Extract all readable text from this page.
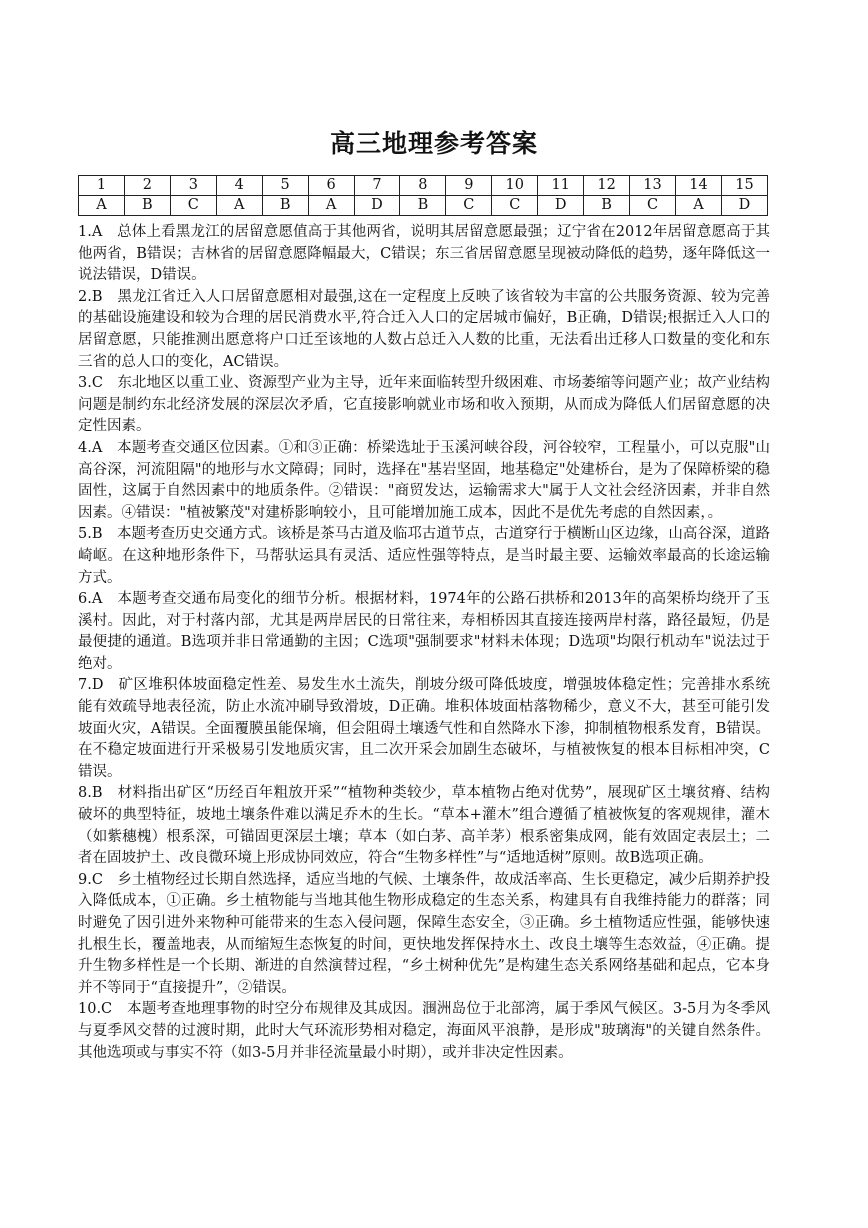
高三地理参考答案
1	2	3	4	5	6	7	8	9	10	11	12	13	14	15
A	B	C	A	B	A	D	B	C	C	D	B	C	A	D

1.A　总体上看黑龙江的居留意愿值高于其他两省，说明其居留意愿最强；辽宁省在2012年居留意愿高于其他两省，B错误；吉林省的居留意愿降幅最大，C错误；东三省居留意愿呈现被动降低的趋势，逐年降低这一说法错误，D错误。

2.B　黑龙江省迁入人口居留意愿相对最强,这在一定程度上反映了该省较为丰富的公共服务资源、较为完善的基础设施建设和较为合理的居民消费水平,符合迁入人口的定居城市偏好，B正确，D错误;根据迁入人口的居留意愿，只能推测出愿意将户口迁至该地的人数占总迁入人数的比重，无法看出迁移人口数量的变化和东三省的总人口的变化，AC错误。

3.C　东北地区以重工业、资源型产业为主导，近年来面临转型升级困难、市场萎缩等问题产业；故产业结构问题是制约东北经济发展的深层次矛盾，它直接影响就业市场和收入预期，从而成为降低人们居留意愿的决定性因素。

4.A　本题考查交通区位因素。①和③正确：桥梁选址于玉溪河峡谷段，河谷较窄，工程量小，可以克服"山高谷深，河流阻隔"的地形与水文障碍；同时，选择在"基岩坚固，地基稳定"处建桥台，是为了保障桥梁的稳固性，这属于自然因素中的地质条件。②错误："商贸发达，运输需求大"属于人文社会经济因素，并非自然因素。④错误："植被繁茂"对建桥影响较小，且可能增加施工成本，因此不是优先考虑的自然因素，。

5.B　本题考查历史交通方式。该桥是茶马古道及临邛古道节点，古道穿行于横断山区边缘，山高谷深，道路崎岖。在这种地形条件下，马帮驮运具有灵活、适应性强等特点，是当时最主要、运输效率最高的长途运输方式。

6.A　本题考查交通布局变化的细节分析。根据材料，1974年的公路石拱桥和2013年的高架桥均绕开了玉溪村。因此，对于村落内部，尤其是两岸居民的日常往来，寿相桥因其直接连接两岸村落，路径最短，仍是最便捷的通道。B选项并非日常通勤的主因；C选项"强制要求"材料未体现；D选项"均限行机动车"说法过于绝对。

7.D　矿区堆积体坡面稳定性差、易发生水土流失，削坡分级可降低坡度，增强坡体稳定性；完善排水系统能有效疏导地表径流，防止水流冲刷导致滑坡，D正确。堆积体坡面枯落物稀少，意义不大，甚至可能引发坡面火灾，A错误。全面覆膜虽能保墒，但会阻碍土壤透气性和自然降水下渗，抑制植物根系发育，B错误。在不稳定坡面进行开采极易引发地质灾害，且二次开采会加剧生态破坏，与植被恢复的根本目标相冲突，C错误。

8.B　材料指出矿区“历经百年粗放开采”“植物种类较少，草本植物占绝对优势”，展现矿区土壤贫瘠、结构破坏的典型特征，坡地土壤条件难以满足乔木的生长。“草本+灌木”组合遵循了植被恢复的客观规律，灌木（如紫穗槐）根系深，可锚固更深层土壤；草本（如白茅、高羊茅）根系密集成网，能有效固定表层土；二者在固坡护土、改良微环境上形成协同效应，符合“生物多样性”与“适地适树”原则。故B选项正确。

9.C　乡土植物经过长期自然选择，适应当地的气候、土壤条件，故成活率高、生长更稳定，减少后期养护投入降低成本，①正确。乡土植物能与当地其他生物形成稳定的生态关系，构建具有自我维持能力的群落；同时避免了因引进外来物种可能带来的生态入侵问题，保障生态安全，③正确。乡土植物适应性强，能够快速扎根生长，覆盖地表，从而缩短生态恢复的时间，更快地发挥保持水土、改良土壤等生态效益，④正确。提升生物多样性是一个长期、渐进的自然演替过程，“乡土树种优先”是构建生态关系网络基础和起点，它本身并不等同于“直接提升”，②错误。

10.C　本题考查地理事物的时空分布规律及其成因。涠洲岛位于北部湾，属于季风气候区。3-5月为冬季风与夏季风交替的过渡时期，此时大气环流形势相对稳定，海面风平浪静，是形成"玻璃海"的关键自然条件。其他选项或与事实不符（如3-5月并非径流量最小时期），或并非决定性因素。
